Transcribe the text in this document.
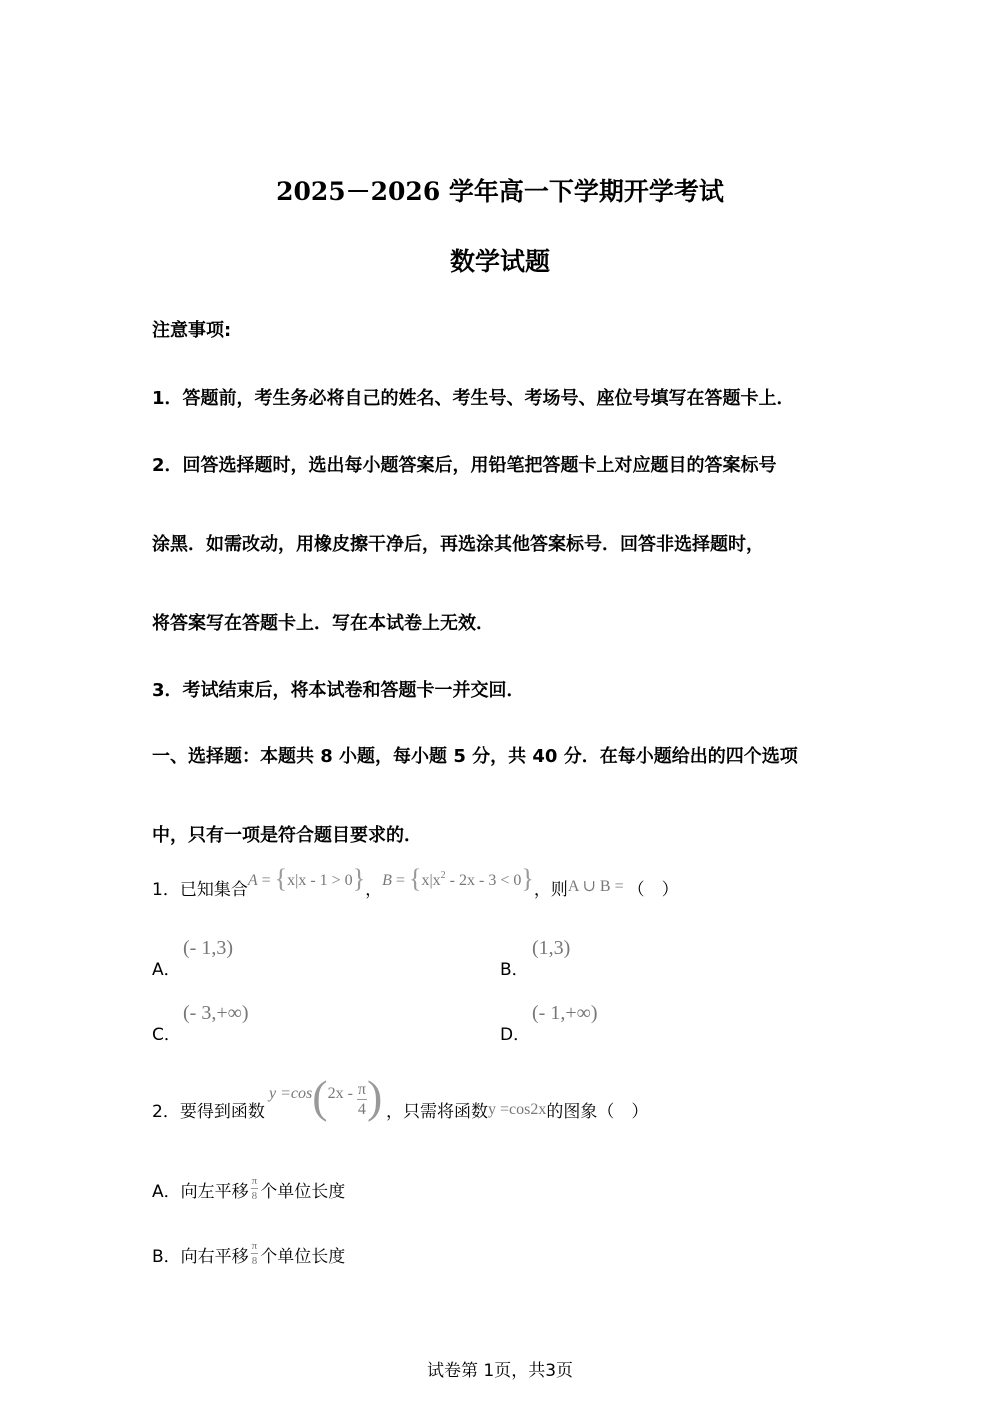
2025－2026 学年高一下学期开学考试
数学试题
注意事项:
1．答题前，考生务必将自己的姓名、考生号、考场号、座位号填写在答题卡上．
2．回答选择题时，选出每小题答案后，用铅笔把答题卡上对应题目的答案标号
涂黑．如需改动，用橡皮擦干净后，再选涂其他答案标号．回答非选择题时，
将答案写在答题卡上．写在本试卷上无效．
3．考试结束后，将本试卷和答题卡一并交回．
一、选择题：本题共 8 小题，每小题 5 分，共 40 分．在每小题给出的四个选项
中，只有一项是符合题目要求的．
1．已知集合A = {x|x - 1 > 0}，$B = \{x|x^2 - 2x - 3 < 0\}$，则A ∪ B = （　）
A．
(- 1,3)
B．
(1,3)
C．
(- 3,+∞)
D．
(- 1,+∞)
2．要得到函数
$y =\cos(2x - \frac{\pi}{4}$ ) ，只需将函数y =cos2x的图象（　）
A．向左平移 $\frac{\pi}{8}$ 个单位长度
B．向右平移 $\frac{\pi}{8}$ 个单位长度
试卷第 1页，共3页
